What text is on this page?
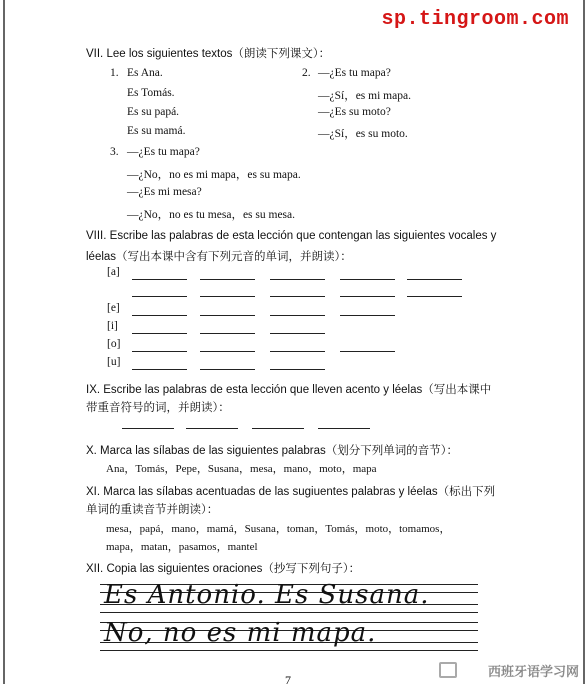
sp.tingroom.com
VII. Lee los siguientes textos（朗读下列课文）：
1. Es Ana.
Es Tomás.
Es su papá.
Es su mamá.
2. —¿Es tu mapa?
—¿Sí，es mi mapa.
—¿Es su moto?
—¿Sí，es su moto.
3. —¿Es tu mapa?
—¿No，no es mi mapa，es su mapa.
—¿Es mi mesa?
—¿No，no es tu mesa，es su mesa.
VIII. Escribe las palabras de esta lección que contengan las siguientes vocales y
léelas（写出本课中含有下列元音的单词，并朗读）：
[a]
[e]
[i]
[o]
[u]
IX. Escribe las palabras de esta lección que lleven acento y léelas（写出本课中
带重音符号的词，并朗读）：
X. Marca las sílabas de las siguientes palabras（划分下列单词的音节）：
Ana，Tomás，Pepe，Susana，mesa，mano，moto，mapa
XI. Marca las sílabas acentuadas de las sugiuentes palabras y léelas（标出下列
单词的重读音节并朗读）：
mesa，papá，mano，mamá，Susana，toman，Tomás，moto，tomamos，
mapa，matan，pasamos，mantel
XII. Copia las siguientes oraciones（抄写下列句子）：
Es Antonio. Es Susana.
No, no es mi mapa.
7	西班牙语学习网
